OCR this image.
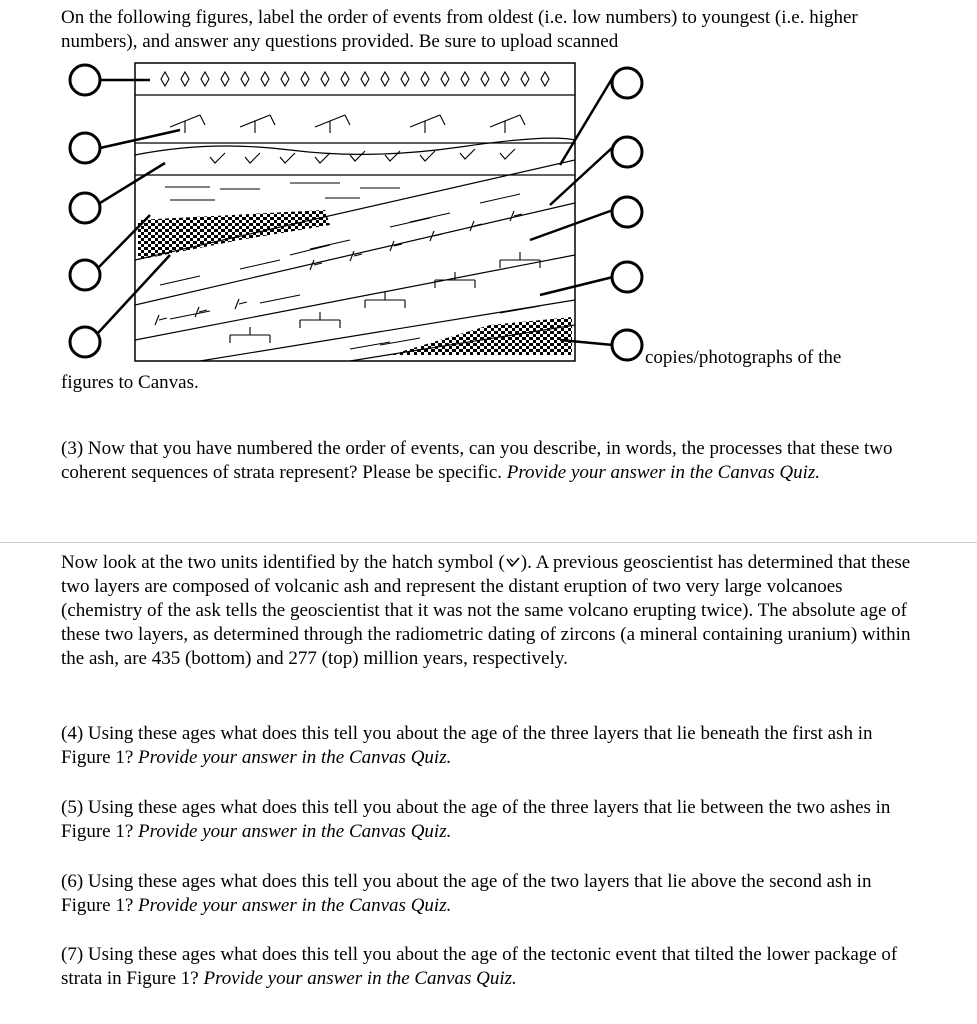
On the following figures, label the order of events from oldest (i.e. low numbers) to youngest (i.e. higher numbers), and answer any questions provided. Be sure to upload scanned

copies/photographs of the

figures to Canvas.

(3) Now that you have numbered the order of events, can you describe, in words, the processes that these two coherent sequences of strata represent? Please be specific. Provide your answer in the Canvas Quiz.

Now look at the two units identified by the hatch symbol ( ). A previous geoscientist has determined that these two layers are composed of volcanic ash and represent the distant eruption of two very large volcanoes (chemistry of the ask tells the geoscientist that it was not the same volcano erupting twice). The absolute age of these two layers, as determined through the radiometric dating of zircons (a mineral containing uranium) within the ash, are 435 (bottom) and 277 (top) million years, respectively.

(4) Using these ages what does this tell you about the age of the three layers that lie beneath the first ash in Figure 1? Provide your answer in the Canvas Quiz.

(5) Using these ages what does this tell you about the age of the three layers that lie between the two ashes in Figure 1? Provide your answer in the Canvas Quiz.

(6) Using these ages what does this tell you about the age of the two layers that lie above the second ash in Figure 1? Provide your answer in the Canvas Quiz.

(7) Using these ages what does this tell you about the age of the tectonic event that tilted the lower package of strata in Figure 1? Provide your answer in the Canvas Quiz.
